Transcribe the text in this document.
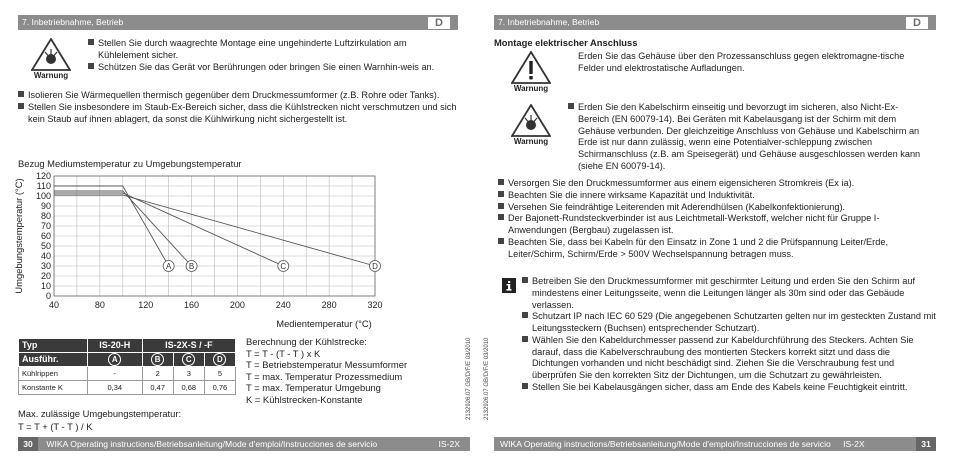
7. Inbetriebnahme, Betrieb	D
Warnung

Stellen Sie durch waagrechte Montage eine ungehinderte Luftzirkulation am Kühlelement sicher.

Schützen Sie das Gerät vor Berührungen oder bringen Sie einen Warnhin-weis an.

Isolieren Sie Wärmequellen thermisch gegenüber dem Druckmessumformer (z.B. Rohre oder Tanks).

Stellen Sie insbesondere im Staub-Ex-Bereich sicher, dass die Kühlstrecken nicht verschmutzen und sich kein Staub auf ihnen ablagert, da sonst die Kühlwirkung nicht sichergestellt ist.

Bezug Mediumstemperatur zu Umgebungstemperatur
0
10
20
30
40
50
60
70
80
90
100
110
120
40	80	120	160	200	240	280	320
A B	C	D
Umgebungstemperatur (°C)
Medientemperatur (°C)
Typ	IS-20-H	IS-2X-S / -F		
Ausführ.	A	B	C	D
Kühlrippen	-	2	3	5
Konstante K	0,34	0,47	0,68	0,76
Berechnung der Kühlstrecke:
T = T - (T - T ) x K
T = Betriebstemperatur Messumformer
T = max. Temperatur Prozessmedium
T = max. Temperatur Umgebung
K = Kühlstrecken-Konstante
Max. zulässige Umgebungstemperatur:
T = T + (T - T ) / K
2132926.07 GB/D/F/E 03/2010
30 WIKA Operating instructions/Betriebsanleitung/Mode d'emploi/Instrucciones de servicio	IS-2X
7. Inbetriebnahme, Betrieb	D
Montage elektrischer Anschluss
Warnung
Erden Sie das Gehäuse über den Prozessanschluss gegen elektromagne-tische Felder und elektrostatische Aufladungen.
Warnung

Erden Sie den Kabelschirm einseitig und bevorzugt im sicheren, also Nicht-Ex-Bereich (EN 60079-14). Bei Geräten mit Kabelausgang ist der Schirm mit dem Gehäuse verbunden. Der gleichzeitige Anschluss von Gehäuse und Kabelschirm an Erde ist nur dann zulässig, wenn eine Potentialver-schleppung zwischen Schirmanschluss (z.B. am Speisegerät) und Gehäuse ausgeschlossen werden kann (siehe EN 60079-14).

Versorgen Sie den Druckmessumformer aus einem eigensicheren Stromkreis (Ex ia).

Beachten Sie die innere wirksame Kapazität und Induktivität.

Versehen Sie feindrähtige Leiterenden mit Aderendhülsen (Kabelkonfektionierung).

Der Bajonett-Rundsteckverbinder ist aus Leichtmetall-Werkstoff, welcher nicht für Gruppe I-Anwendungen (Bergbau) zugelassen ist.

Beachten Sie, dass bei Kabeln für den Einsatz in Zone 1 und 2 die Prüfspannung Leiter/Erde, Leiter/Schirm, Schirm/Erde > 500V Wechselspannung betragen muss.

Betreiben Sie den Druckmessumformer mit geschirmter Leitung und erden Sie den Schirm auf mindestens einer Leitungsseite, wenn die Leitungen länger als 30m sind oder das Gebäude verlassen.

Schutzart IP nach IEC 60 529 (Die angegebenen Schutzarten gelten nur im gesteckten Zustand mit Leitungssteckern (Buchsen) entsprechender Schutzart).

Wählen Sie den Kabeldurchmesser passend zur Kabeldurchführung des Steckers. Achten Sie darauf, dass die Kabelverschraubung des montierten Steckers korrekt sitzt und dass die Dichtungen vorhanden und nicht beschädigt sind. Ziehen Sie die Verschraubung fest und überprüfen Sie den korrekten Sitz der Dichtungen, um die Schutzart zu gewährleisten.

Stellen Sie bei Kabelausgängen sicher, dass am Ende des Kabels keine Feuchtigkeit eintritt.

2132926.07 GB/D/F/E 03/2010
WIKA Operating instructions/Betriebsanleitung/Mode d'emploi/Instrucciones de servicio IS-2X	31
